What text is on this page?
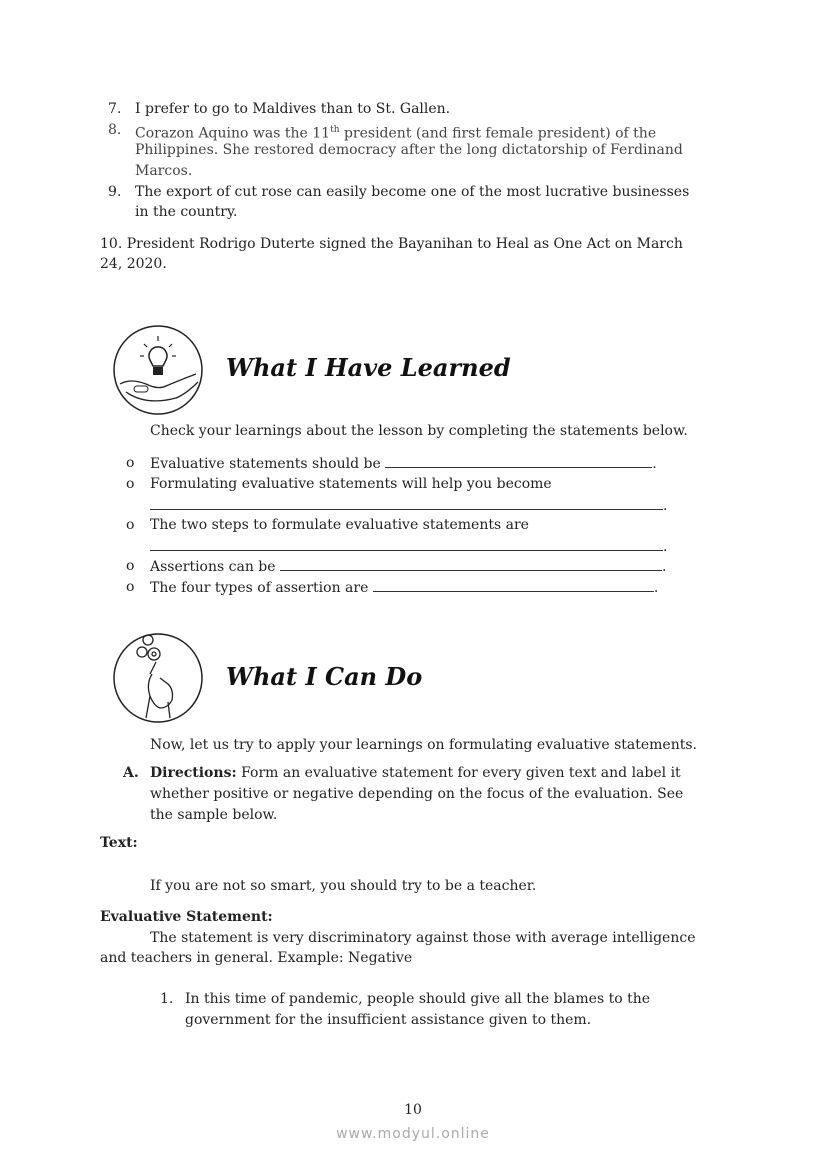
7. I prefer to go to Maldives than to St. Gallen.
8. Corazon Aquino was the 11th president (and first female president) of the
Philippines. She restored democracy after the long dictatorship of Ferdinand
Marcos.
9. The export of cut rose can easily become one of the most lucrative businesses
in the country.
10. President Rodrigo Duterte signed the Bayanihan to Heal as One Act on March
24, 2020.
What I Have Learned
Check your learnings about the lesson by completing the statements below.
o Evaluative statements should be	.
o Formulating evaluative statements will help you become
.
o The two steps to formulate evaluative statements are
.
o Assertions can be	.
o The four types of assertion are	.
What I Can Do
Now, let us try to apply your learnings on formulating evaluative statements.
A. Directions: Form an evaluative statement for every given text and label it
whether positive or negative depending on the focus of the evaluation. See
the sample below.
Text:
If you are not so smart, you should try to be a teacher.
Evaluative Statement:
The statement is very discriminatory against those with average intelligence
and teachers in general. Example: Negative
1. In this time of pandemic, people should give all the blames to the
government for the insufficient assistance given to them.
10
www.modyul.online
